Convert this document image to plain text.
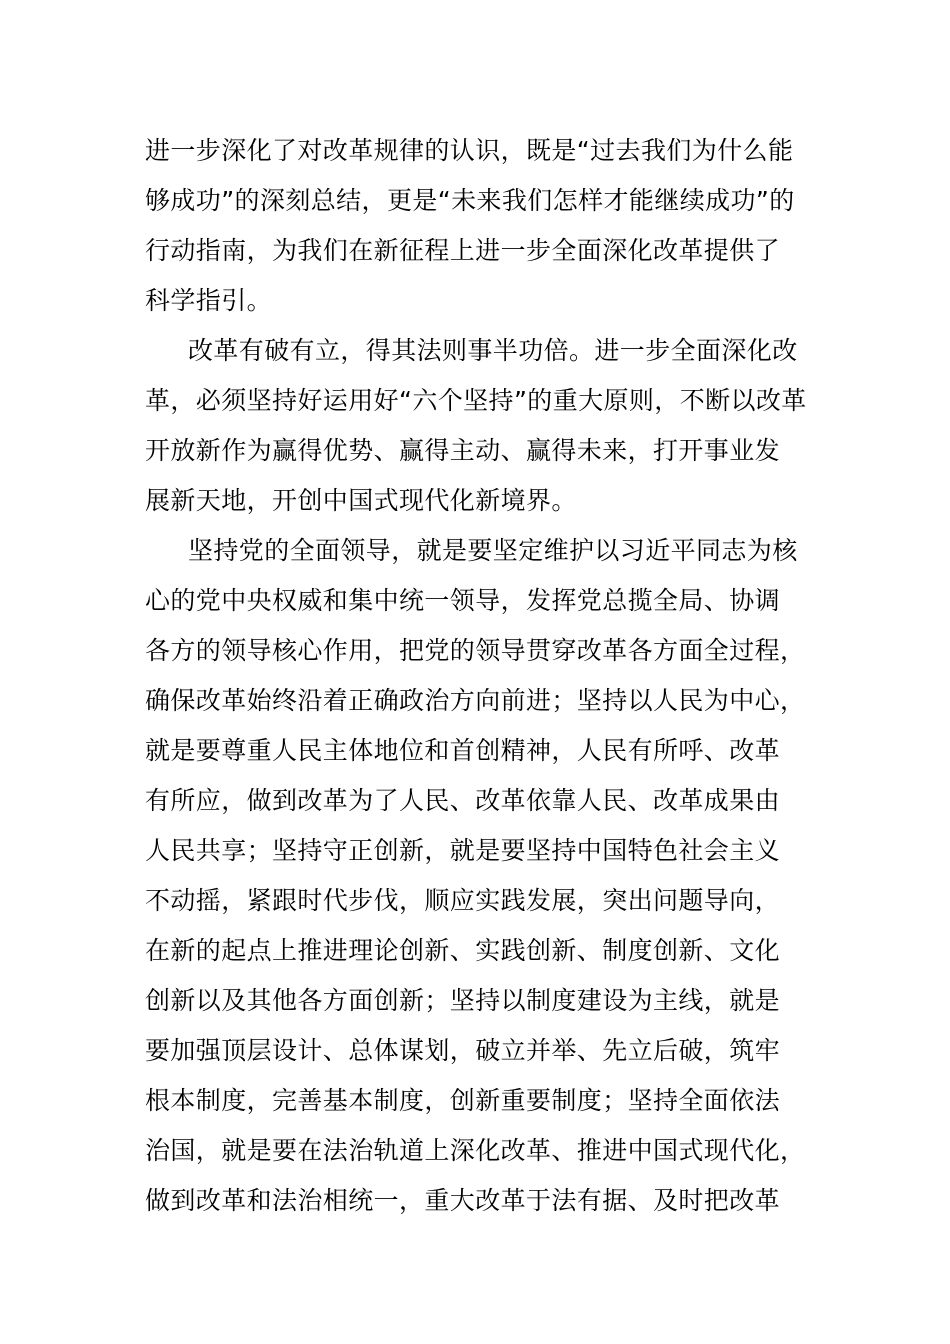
进一步深化了对改革规律的认识，既是“过去我们为什么能
够成功”的深刻总结，更是“未来我们怎样才能继续成功”的
行动指南，为我们在新征程上进一步全面深化改革提供了
科学指引。
改革有破有立，得其法则事半功倍。进一步全面深化改
革，必须坚持好运用好“六个坚持”的重大原则，不断以改革
开放新作为赢得优势、赢得主动、赢得未来，打开事业发
展新天地，开创中国式现代化新境界。
坚持党的全面领导，就是要坚定维护以习近平同志为核
心的党中央权威和集中统一领导，发挥党总揽全局、协调
各方的领导核心作用，把党的领导贯穿改革各方面全过程，
确保改革始终沿着正确政治方向前进；坚持以人民为中心，
就是要尊重人民主体地位和首创精神，人民有所呼、改革
有所应，做到改革为了人民、改革依靠人民、改革成果由
人民共享；坚持守正创新，就是要坚持中国特色社会主义
不动摇，紧跟时代步伐，顺应实践发展，突出问题导向，
在新的起点上推进理论创新、实践创新、制度创新、文化
创新以及其他各方面创新；坚持以制度建设为主线，就是
要加强顶层设计、总体谋划，破立并举、先立后破，筑牢
根本制度，完善基本制度，创新重要制度；坚持全面依法
治国，就是要在法治轨道上深化改革、推进中国式现代化，
做到改革和法治相统一，重大改革于法有据、及时把改革
